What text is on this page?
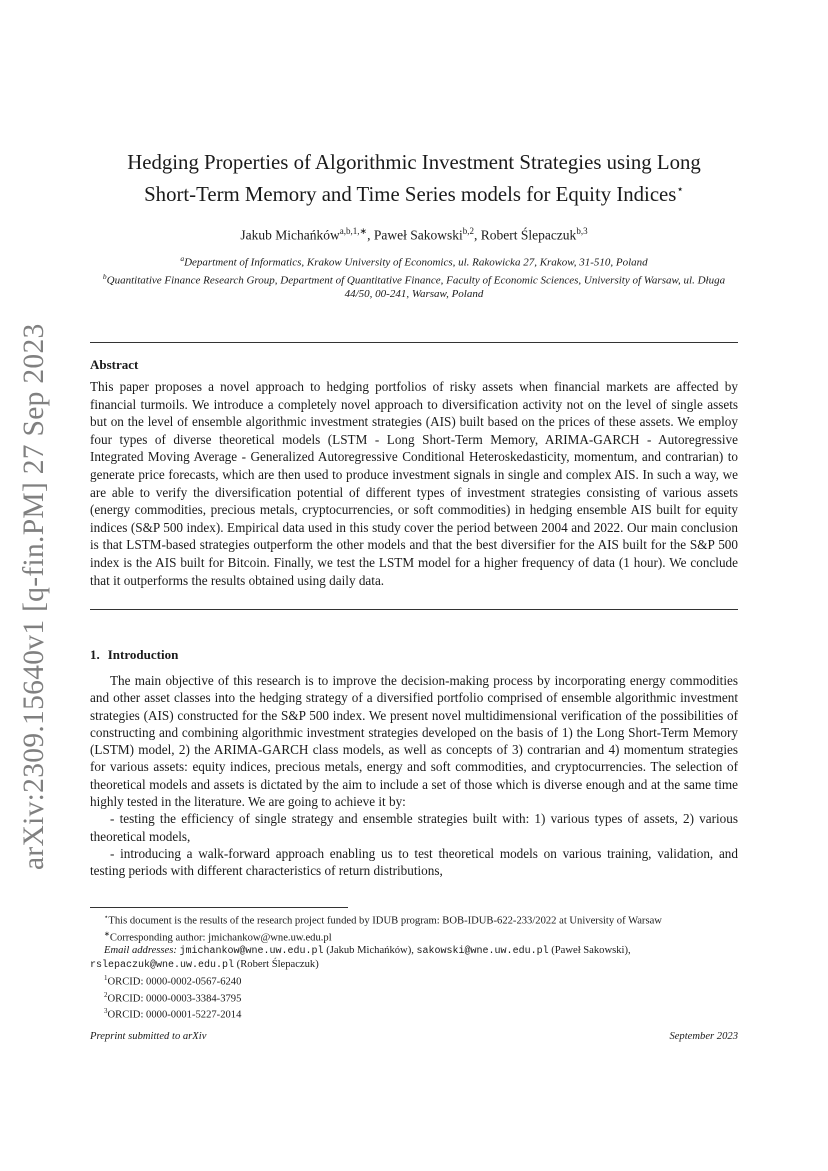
arXiv:2309.15640v1 [q-fin.PM] 27 Sep 2023
Hedging Properties of Algorithmic Investment Strategies using Long
Short-Term Memory and Time Series models for Equity Indices⋆
Jakub Michańków$^{a,b,1,∗}$, Paweł Sakowski$^{b,2}$, Robert Ślepaczuk$^{b,3}$
$^a$Department of Informatics, Krakow University of Economics, ul. Rakowicka 27, Krakow, 31-510, Poland
$^b$Quantitative Finance Research Group, Department of Quantitative Finance, Faculty of Economic Sciences, University of Warsaw, ul. Długa 44/50, 00-241, Warsaw, Poland
Abstract
This paper proposes a novel approach to hedging portfolios of risky assets when financial markets are affected by financial turmoils. We introduce a completely novel approach to diversification activity not on the level of single assets but on the level of ensemble algorithmic investment strategies (AIS) built based on the prices of these assets. We employ four types of diverse theoretical models (LSTM - Long Short-Term Memory, ARIMA-GARCH - Autoregressive Integrated Moving Average - Generalized Autoregressive Conditional Heteroskedasticity, momentum, and contrarian) to generate price forecasts, which are then used to produce investment signals in single and complex AIS. In such a way, we are able to verify the diversification potential of different types of investment strategies consisting of various assets (energy commodities, precious metals, cryptocurrencies, or soft commodities) in hedging ensemble AIS built for equity indices (S&P 500 index). Empirical data used in this study cover the period between 2004 and 2022. Our main conclusion is that LSTM-based strategies outperform the other models and that the best diversifier for the AIS built for the S&P 500 index is the AIS built for Bitcoin. Finally, we test the LSTM model for a higher frequency of data (1 hour). We conclude that it outperforms the results obtained using daily data.
1. Introduction

The main objective of this research is to improve the decision-making process by incorporating energy commodities and other asset classes into the hedging strategy of a diversified portfolio comprised of ensemble algorithmic investment strategies (AIS) constructed for the S&P 500 index. We present novel multidimensional verification of the possibilities of constructing and combining algorithmic investment strategies developed on the basis of 1) the Long Short-Term Memory (LSTM) model, 2) the ARIMA-GARCH class models, as well as concepts of 3) contrarian and 4) momentum strategies for various assets: equity indices, precious metals, energy and soft commodities, and cryptocurrencies. The selection of theoretical models and assets is dictated by the aim to include a set of those which is diverse enough and at the same time highly tested in the literature. We are going to achieve it by:

- testing the efficiency of single strategy and ensemble strategies built with: 1) various types of assets, 2) various theoretical models,

- introducing a walk-forward approach enabling us to test theoretical models on various training, validation, and testing periods with different characteristics of return distributions,

⋆This document is the results of the research project funded by IDUB program: BOB-IDUB-622-233/2022 at University of Warsaw

∗Corresponding author: jmichankow@wne.uw.edu.pl

Email addresses: jmichankow@wne.uw.edu.pl (Jakub Michańków), sakowski@wne.uw.edu.pl (Paweł Sakowski), rslepaczuk@wne.uw.edu.pl (Robert Ślepaczuk)

$^1$ORCID: 0000-0002-0567-6240

$^2$ORCID: 0000-0003-3384-3795

$^3$ORCID: 0000-0001-5227-2014

Preprint submitted to arXiv	September 2023
